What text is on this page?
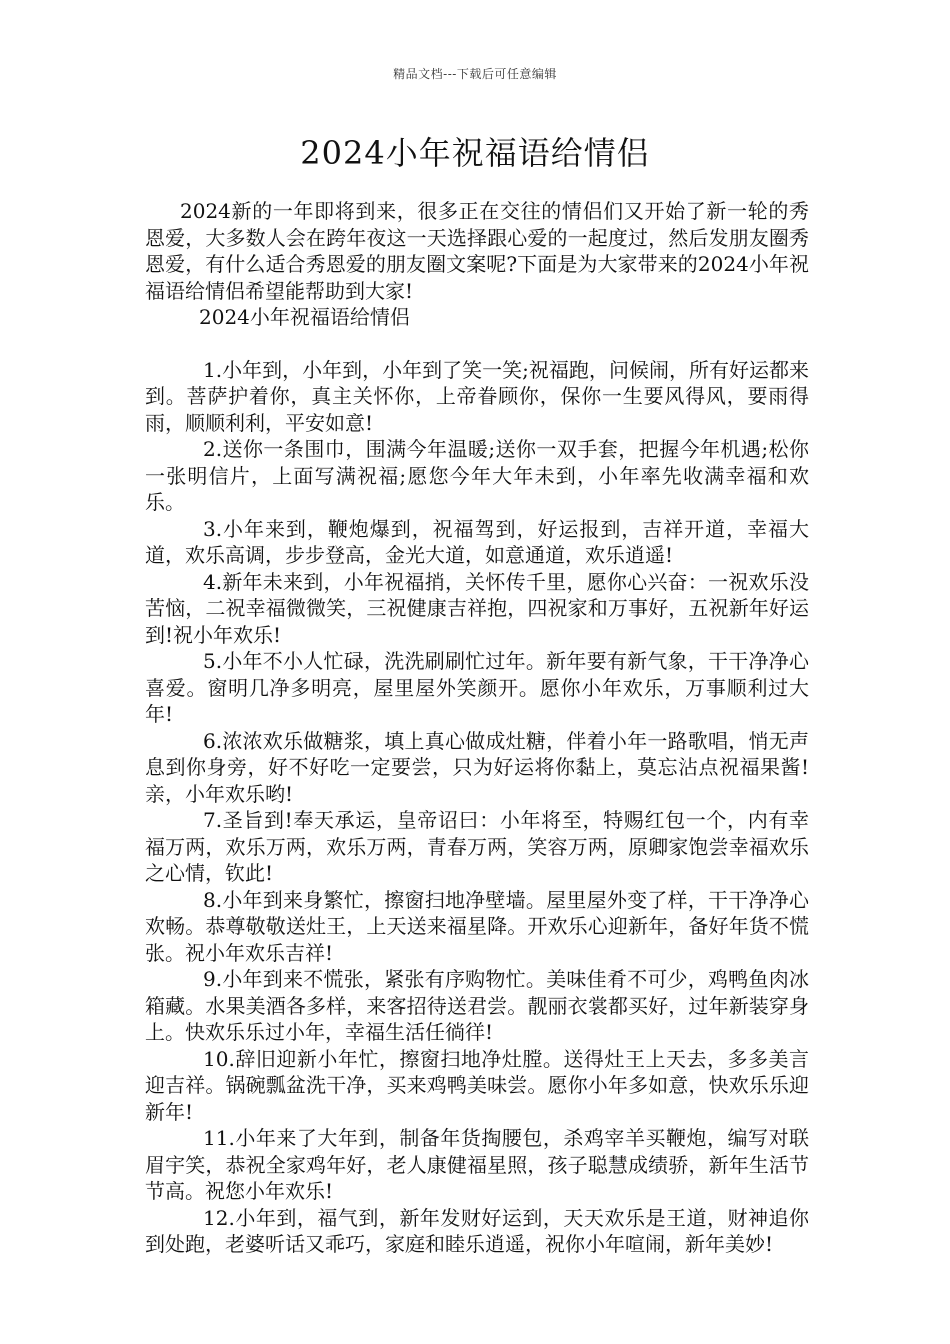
精品文档---下载后可任意编辑
2024小年祝福语给情侣

2024新的一年即将到来，很多正在交往的情侣们又开始了新一轮的秀恩爱，大多数人会在跨年夜这一天选择跟心爱的一起度过，然后发朋友圈秀恩爱，有什么适合秀恩爱的朋友圈文案呢?下面是为大家带来的2024小年祝福语给情侣希望能帮助到大家!

2024小年祝福语给情侣

1.小年到，小年到，小年到了笑一笑;祝福跑，问候闹，所有好运都来到。菩萨护着你，真主关怀你，上帝眷顾你，保你一生要风得风，要雨得雨，顺顺利利，平安如意!

2.送你一条围巾，围满今年温暖;送你一双手套，把握今年机遇;松你一张明信片，上面写满祝福;愿您今年大年未到，小年率先收满幸福和欢乐。

3.小年来到，鞭炮爆到，祝福驾到，好运报到，吉祥开道，幸福大道，欢乐高调，步步登高，金光大道，如意通道，欢乐逍遥!

4.新年未来到，小年祝福捎，关怀传千里，愿你心兴奋：一祝欢乐没苦恼，二祝幸福微微笑，三祝健康吉祥抱，四祝家和万事好，五祝新年好运到!祝小年欢乐!

5.小年不小人忙碌，洗洗刷刷忙过年。新年要有新气象，干干净净心喜爱。窗明几净多明亮，屋里屋外笑颜开。愿你小年欢乐，万事顺利过大年!

6.浓浓欢乐做糖浆，填上真心做成灶糖，伴着小年一路歌唱，悄无声息到你身旁，好不好吃一定要尝，只为好运将你黏上，莫忘沾点祝福果酱!亲，小年欢乐哟!

7.圣旨到!奉天承运，皇帝诏曰：小年将至，特赐红包一个，内有幸福万两，欢乐万两，欢乐万两，青春万两，笑容万两，原卿家饱尝幸福欢乐之心情，钦此!

8.小年到来身繁忙，擦窗扫地净壁墙。屋里屋外变了样，干干净净心欢畅。恭尊敬敬送灶王，上天送来福星降。开欢乐心迎新年，备好年货不慌张。祝小年欢乐吉祥!

9.小年到来不慌张，紧张有序购物忙。美味佳肴不可少，鸡鸭鱼肉冰箱藏。水果美酒各多样，来客招待送君尝。靓丽衣裳都买好，过年新装穿身上。快欢乐乐过小年，幸福生活任徜徉!

10.辞旧迎新小年忙，擦窗扫地净灶膛。送得灶王上天去，多多美言迎吉祥。锅碗瓢盆洗干净，买来鸡鸭美味尝。愿你小年多如意，快欢乐乐迎新年!

11.小年来了大年到，制备年货掏腰包，杀鸡宰羊买鞭炮，编写对联眉宇笑，恭祝全家鸡年好，老人康健福星照，孩子聪慧成绩骄，新年生活节节高。祝您小年欢乐!

12.小年到，福气到，新年发财好运到，天天欢乐是王道，财神追你到处跑，老婆听话又乖巧，家庭和睦乐逍遥，祝你小年喧闹，新年美妙!
